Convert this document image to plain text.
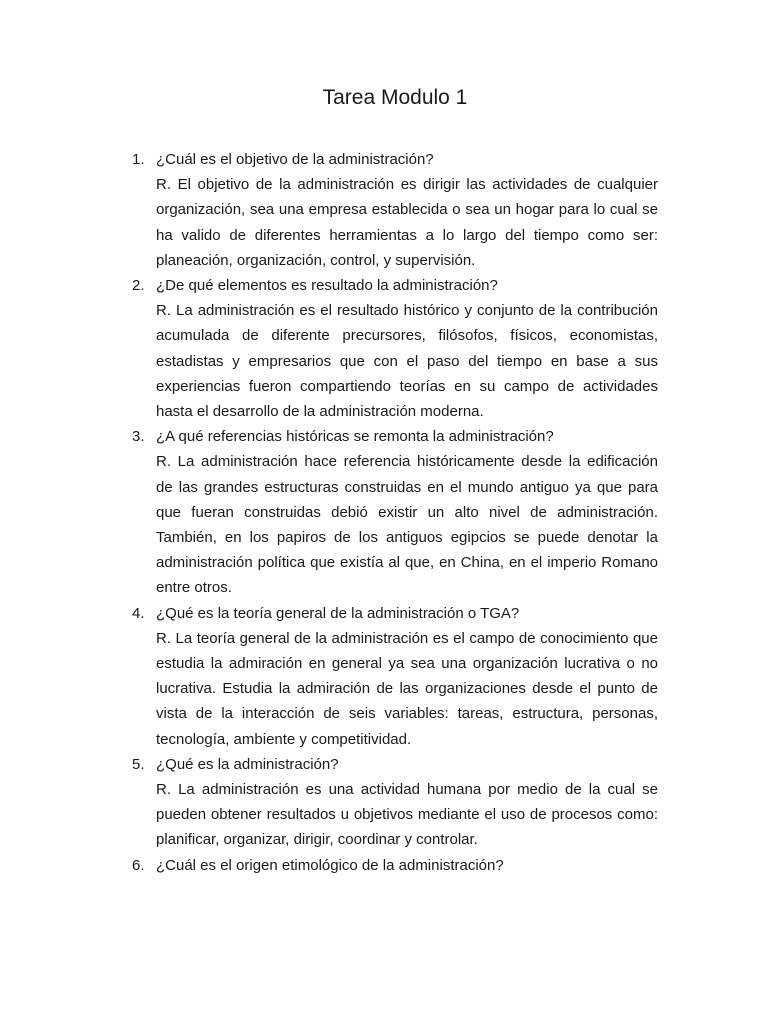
Tarea Modulo 1
1. ¿Cuál es el objetivo de la administración?
R. El objetivo de la administración es dirigir las actividades de cualquier organización, sea una empresa establecida o sea un hogar para lo cual se ha valido de diferentes herramientas a lo largo del tiempo como ser: planeación, organización, control, y supervisión.
2. ¿De qué elementos es resultado la administración?
R. La administración es el resultado histórico y conjunto de la contribución acumulada de diferente precursores, filósofos, físicos, economistas, estadistas y empresarios que con el paso del tiempo en base a sus experiencias fueron compartiendo teorías en su campo de actividades hasta el desarrollo de la administración moderna.
3. ¿A qué referencias históricas se remonta la administración?
R. La administración hace referencia históricamente desde la edificación de las grandes estructuras construidas en el mundo antiguo ya que para que fueran construidas debió existir un alto nivel de administración. También, en los papiros de los antiguos egipcios se puede denotar la administración política que existía al que, en China, en el imperio Romano entre otros.
4. ¿Qué es la teoría general de la administración o TGA?
R. La teoría general de la administración es el campo de conocimiento que estudia la admiración en general ya sea una organización lucrativa o no lucrativa. Estudia la admiración de las organizaciones desde el punto de vista de la interacción de seis variables: tareas, estructura, personas, tecnología, ambiente y competitividad.
5. ¿Qué es la administración?
R. La administración es una actividad humana por medio de la cual se pueden obtener resultados u objetivos mediante el uso de procesos como: planificar, organizar, dirigir, coordinar y controlar.
6. ¿Cuál es el origen etimológico de la administración?
